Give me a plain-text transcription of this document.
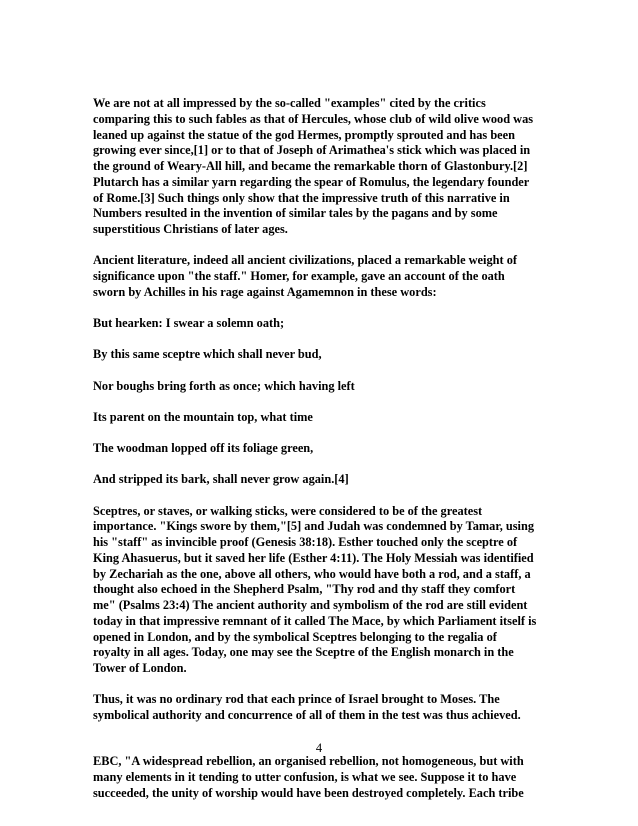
We are not at all impressed by the so-called "examples" cited by the critics
comparing this to such fables as that of Hercules, whose club of wild olive wood was
leaned up against the statue of the god Hermes, promptly sprouted and has been
growing ever since,[1] or to that of Joseph of Arimathea's stick which was placed in
the ground of Weary-All hill, and became the remarkable thorn of Glastonbury.[2]
Plutarch has a similar yarn regarding the spear of Romulus, the legendary founder
of Rome.[3] Such things only show that the impressive truth of this narrative in
Numbers resulted in the invention of similar tales by the pagans and by some
superstitious Christians of later ages.

Ancient literature, indeed all ancient civilizations, placed a remarkable weight of
significance upon "the staff." Homer, for example, gave an account of the oath
sworn by Achilles in his rage against Agamemnon in these words:

But hearken: I swear a solemn oath;

By this same sceptre which shall never bud,

Nor boughs bring forth as once; which having left

Its parent on the mountain top, what time

The woodman lopped off its foliage green,

And stripped its bark, shall never grow again.[4]

Sceptres, or staves, or walking sticks, were considered to be of the greatest
importance. "Kings swore by them,"[5] and Judah was condemned by Tamar, using
his "staff" as invincible proof (Genesis 38:18). Esther touched only the sceptre of
King Ahasuerus, but it saved her life (Esther 4:11). The Holy Messiah was identified
by Zechariah as the one, above all others, who would have both a rod, and a staff, a
thought also echoed in the Shepherd Psalm, "Thy rod and thy staff they comfort
me" (Psalms 23:4) The ancient authority and symbolism of the rod are still evident
today in that impressive remnant of it called The Mace, by which Parliament itself is
opened in London, and by the symbolical Sceptres belonging to the regalia of
royalty in all ages. Today, one may see the Sceptre of the English monarch in the
Tower of London.

Thus, it was no ordinary rod that each prince of Israel brought to Moses. The
symbolical authority and concurrence of all of them in the test was thus achieved.

EBC, "A widespread rebellion, an organised rebellion, not homogeneous, but with
many elements in it tending to utter confusion, is what we see. Suppose it to have
succeeded, the unity of worship would have been destroyed completely. Each tribe

4
